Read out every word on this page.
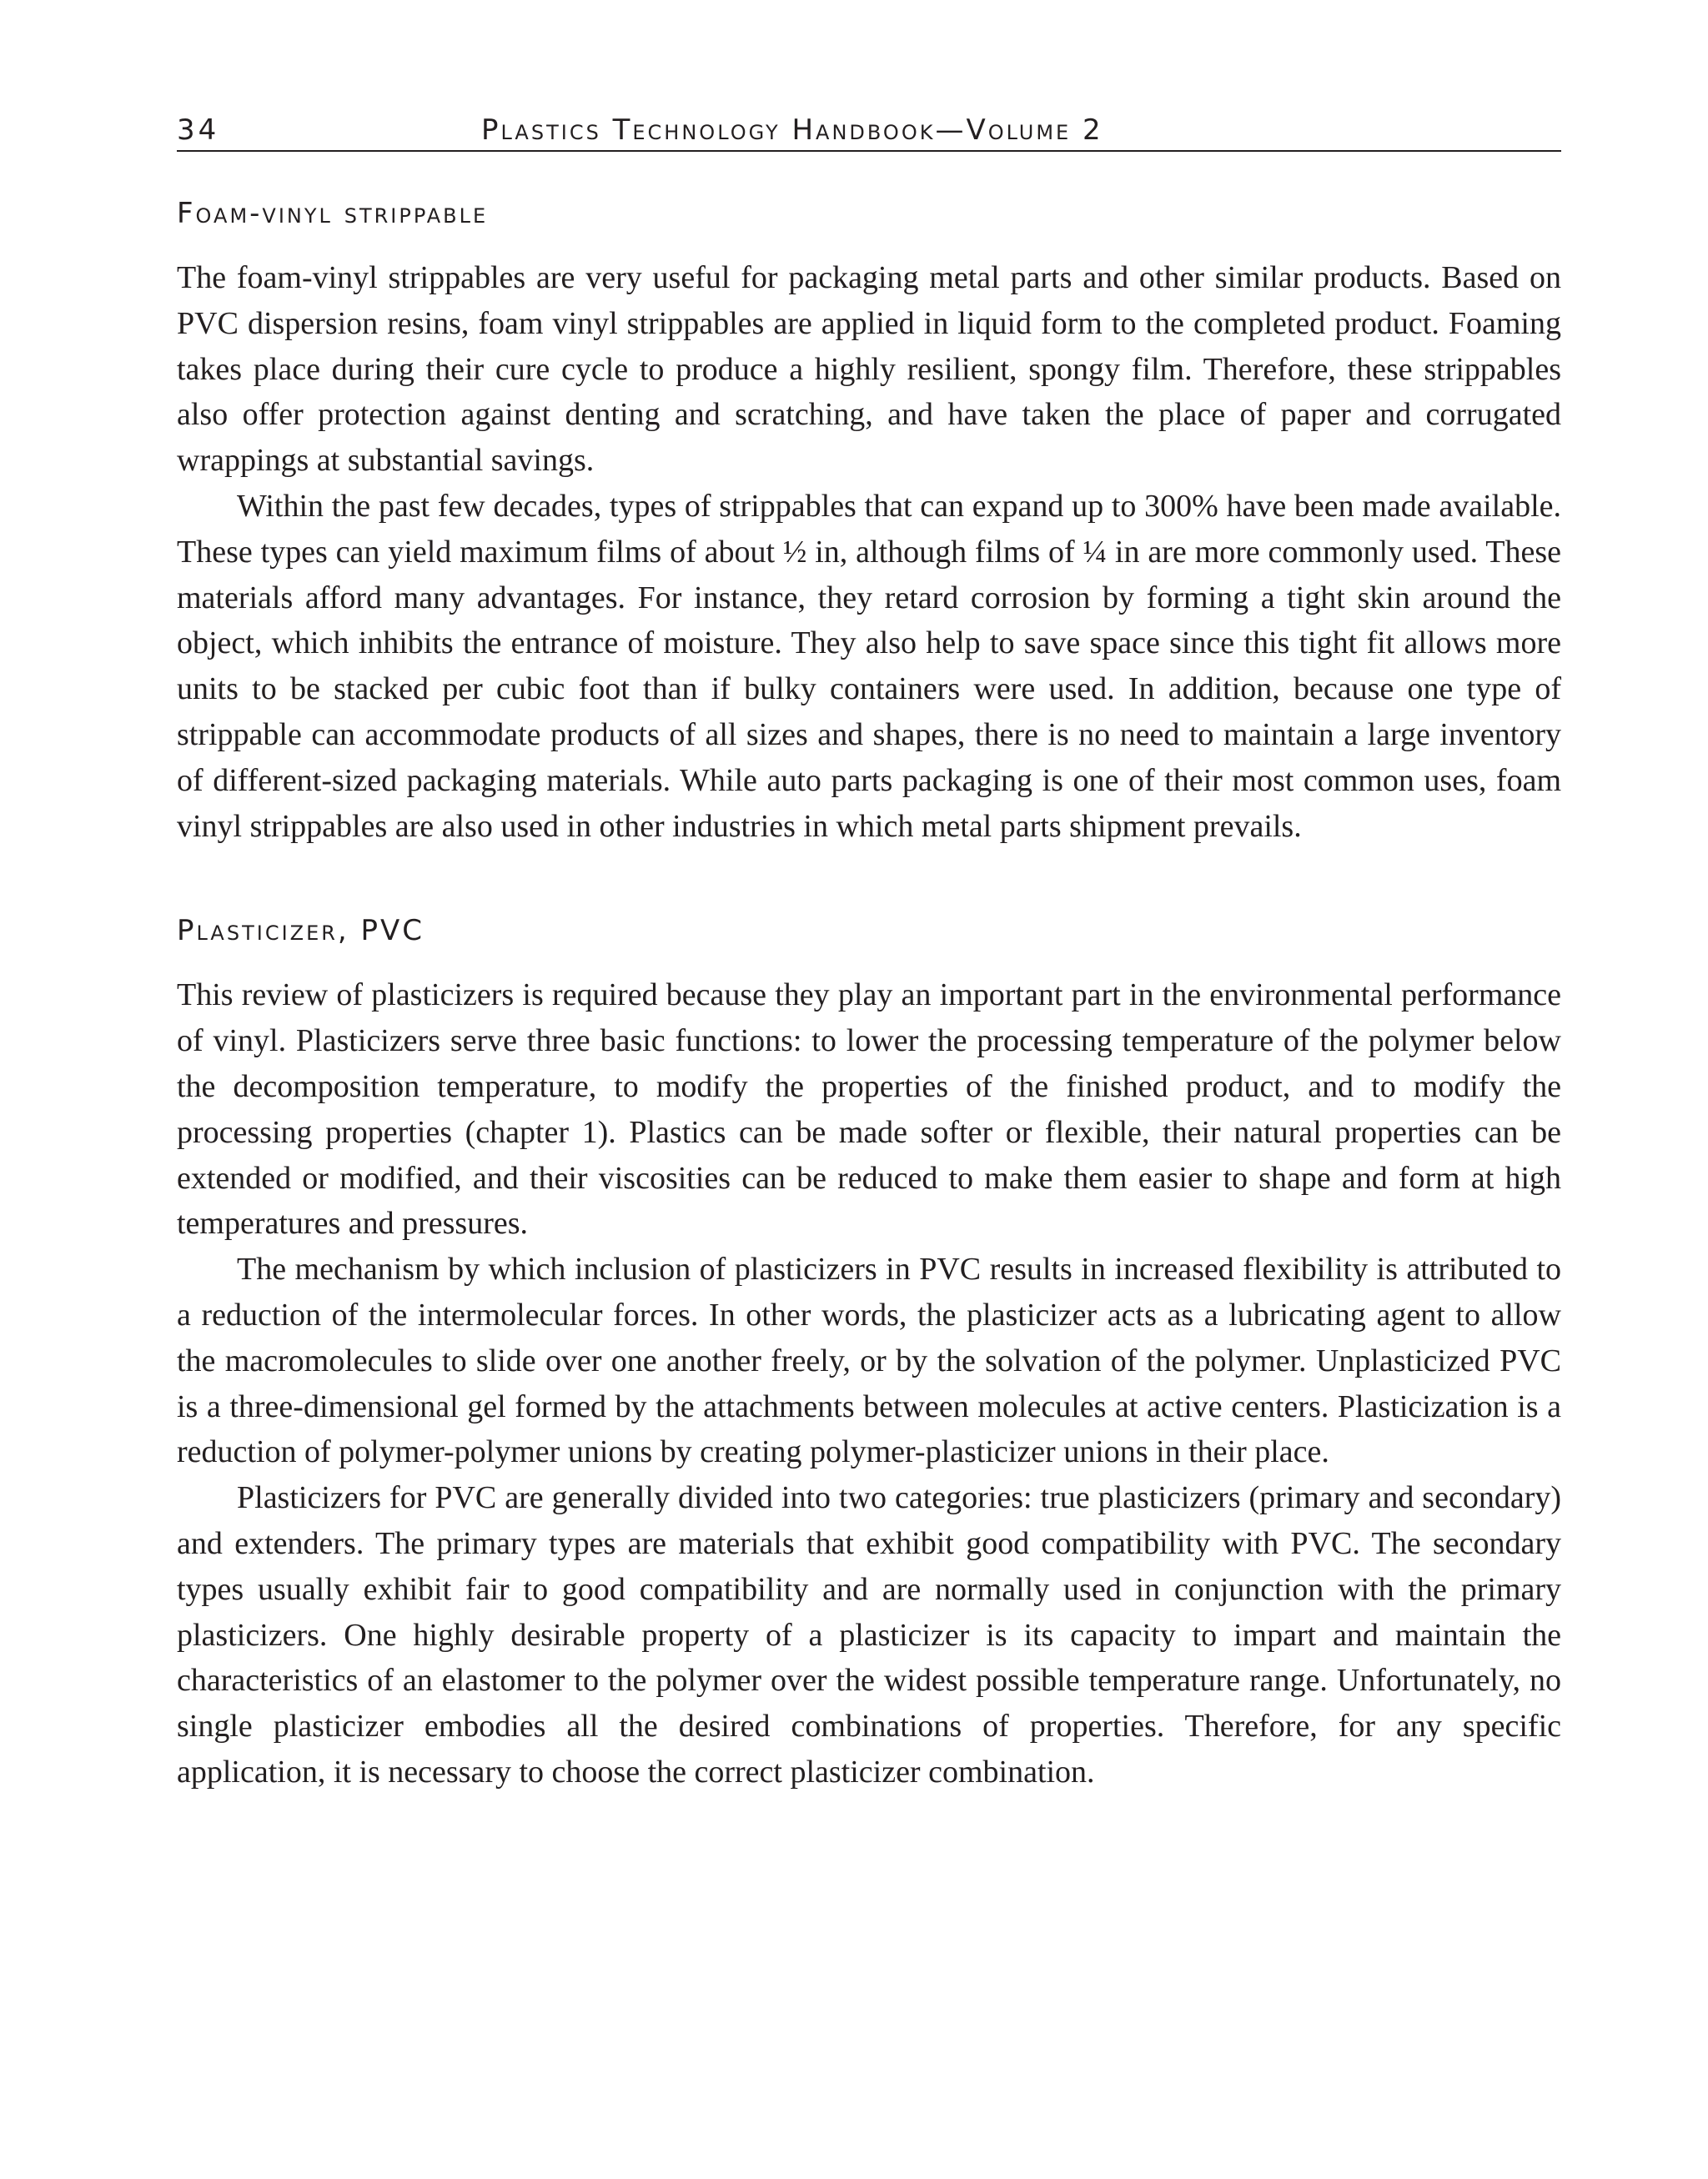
34	Plastics Technology Handbook—Volume 2
Foam-vinyl strippable

The foam-vinyl strippables are very useful for packaging metal parts and other similar products. Based on PVC dispersion resins, foam vinyl strippables are applied in liquid form to the completed product. Foaming takes place during their cure cycle to produce a highly resilient, spongy film. Therefore, these strippables also offer protection against denting and scratching, and have taken the place of paper and corrugated wrappings at substantial savings.

Within the past few decades, types of strippables that can expand up to 300% have been made available. These types can yield maximum films of about ½ in, although films of ¼ in are more commonly used. These materials afford many advantages. For instance, they retard corrosion by forming a tight skin around the object, which inhibits the entrance of moisture. They also help to save space since this tight fit allows more units to be stacked per cubic foot than if bulky containers were used. In addition, because one type of strippable can accommodate products of all sizes and shapes, there is no need to maintain a large inventory of different-sized packaging materials. While auto parts packaging is one of their most common uses, foam vinyl strippables are also used in other industries in which metal parts shipment prevails.

Plasticizer, PVC

This review of plasticizers is required because they play an important part in the environmental performance of vinyl. Plasticizers serve three basic functions: to lower the processing temperature of the polymer below the decomposition temperature, to modify the properties of the finished product, and to modify the processing properties (chapter 1). Plastics can be made softer or flexible, their natural properties can be extended or modified, and their viscosities can be reduced to make them easier to shape and form at high temperatures and pressures.

The mechanism by which inclusion of plasticizers in PVC results in increased flexibility is attributed to a reduction of the intermolecular forces. In other words, the plasticizer acts as a lubricating agent to allow the macromolecules to slide over one another freely, or by the solvation of the polymer. Unplasticized PVC is a three-dimensional gel formed by the attachments between molecules at active centers. Plasticization is a reduction of polymer-polymer unions by creating polymer-plasticizer unions in their place.

Plasticizers for PVC are generally divided into two categories: true plasticizers (primary and secondary) and extenders. The primary types are materials that exhibit good compatibility with PVC. The secondary types usually exhibit fair to good compatibility and are normally used in conjunction with the primary plasticizers. One highly desirable property of a plasticizer is its capacity to impart and maintain the characteristics of an elastomer to the polymer over the widest possible temperature range. Unfortunately, no single plasticizer embodies all the desired combinations of properties. Therefore, for any specific application, it is necessary to choose the correct plasticizer combination.
